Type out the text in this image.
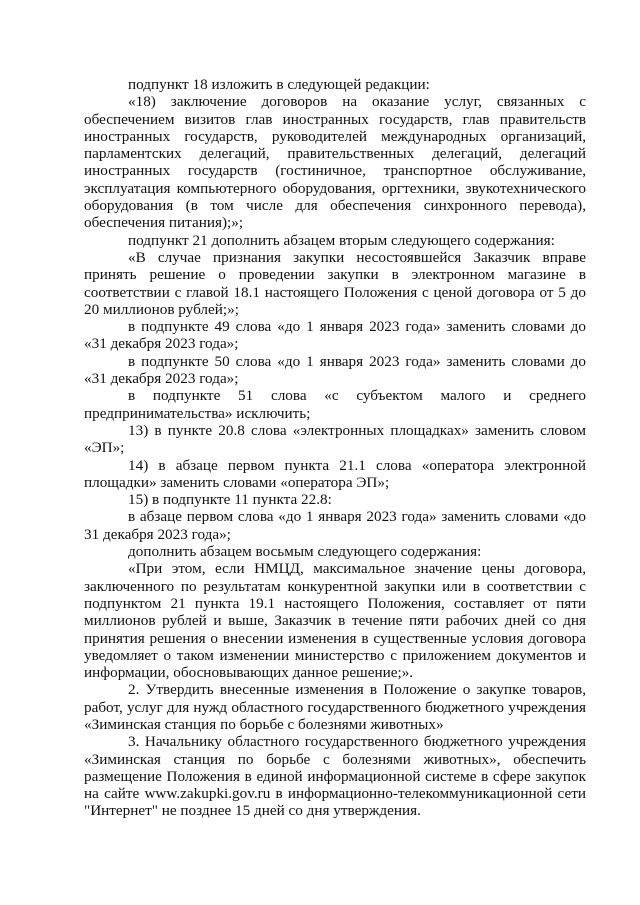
подпункт 18 изложить в следующей редакции:

«18) заключение договоров на оказание услуг, связанных с обеспечением визитов глав иностранных государств, глав правительств иностранных государств, руководителей международных организаций, парламентских делегаций, правительственных делегаций, делегаций иностранных государств (гостиничное, транспортное обслуживание, эксплуатация компьютерного оборудования, оргтехники, звукотехнического оборудования (в том числе для обеспечения синхронного перевода), обеспечения питания);»;

подпункт 21 дополнить абзацем вторым следующего содержания:

«В случае признания закупки несостоявшейся Заказчик вправе принять решение о проведении закупки в электронном магазине в соответствии с главой 18.1 настоящего Положения с ценой договора от 5 до 20 миллионов рублей;»;

в подпункте 49 слова «до 1 января 2023 года» заменить словами до «31 декабря 2023 года»;

в подпункте 50 слова «до 1 января 2023 года» заменить словами до «31 декабря 2023 года»;

в подпункте 51 слова «с субъектом малого и среднего предпринимательства» исключить;

13) в пункте 20.8 слова «электронных площадках» заменить словом «ЭП»;

14) в абзаце первом пункта 21.1 слова «оператора электронной площадки» заменить словами «оператора ЭП»;

15) в подпункте 11 пункта 22.8:

в абзаце первом слова «до 1 января 2023 года» заменить словами «до 31 декабря 2023 года»;

дополнить абзацем восьмым следующего содержания:

«При этом, если НМЦД, максимальное значение цены договора, заключенного по результатам конкурентной закупки или в соответствии с подпунктом 21 пункта 19.1 настоящего Положения, составляет от пяти миллионов рублей и выше, Заказчик в течение пяти рабочих дней со дня принятия решения о внесении изменения в существенные условия договора уведомляет о таком изменении министерство с приложением документов и информации, обосновывающих данное решение;».

2. Утвердить внесенные изменения в Положение о закупке товаров, работ, услуг для нужд областного государственного бюджетного учреждения «Зиминская станция по борьбе с болезнями животных»

3. Начальнику областного государственного бюджетного учреждения «Зиминская станция по борьбе с болезнями животных», обеспечить размещение Положения в единой информационной системе в сфере закупок на сайте www.zakupki.gov.ru в информационно-телекоммуникационной сети "Интернет" не позднее 15 дней со дня утверждения.
